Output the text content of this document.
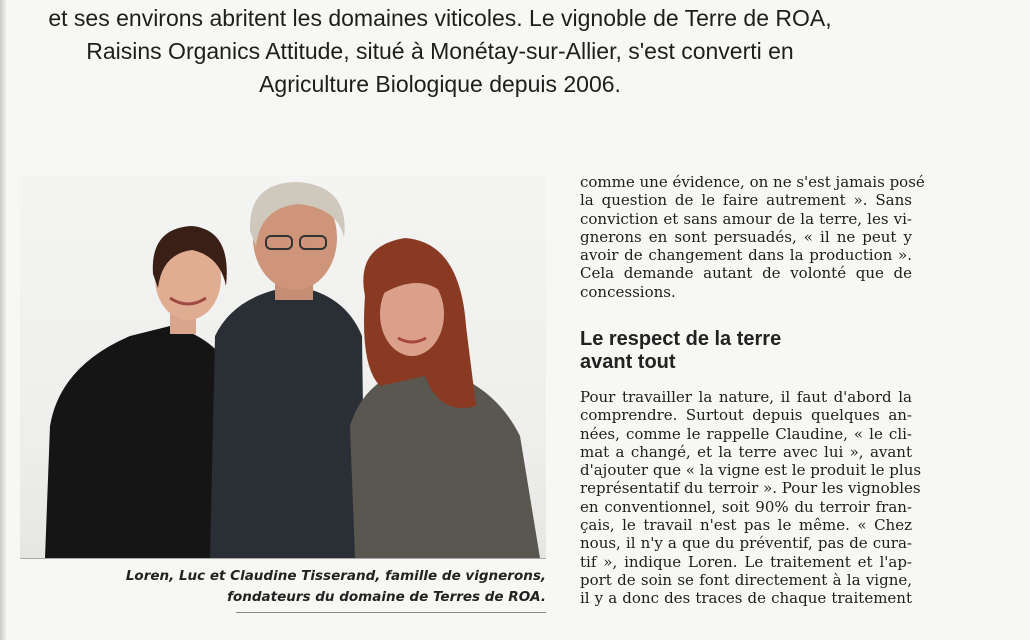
et ses environs abritent les domaines viticoles. Le vignoble de Terre de ROA,
Raisins Organics Attitude, situé à Monétay-sur-Allier, s'est converti en
Agriculture Biologique depuis 2006.
Loren, Luc et Claudine Tisserand, famille de vignerons,
fondateurs du domaine de Terres de ROA.
comme une évidence, on ne s'est jamais posé
la question de le faire autrement ». Sans
conviction et sans amour de la terre, les vi-
gnerons en sont persuadés, « il ne peut y
avoir de changement dans la production ».
Cela demande autant de volonté que de
concessions.
Le respect de la terre
avant tout
Pour travailler la nature, il faut d'abord la
comprendre. Surtout depuis quelques an-
nées, comme le rappelle Claudine, « le cli-
mat a changé, et la terre avec lui », avant
d'ajouter que « la vigne est le produit le plus
représentatif du terroir ». Pour les vignobles
en conventionnel, soit 90% du terroir fran-
çais, le travail n'est pas le même. « Chez
nous, il n'y a que du préventif, pas de cura-
tif », indique Loren. Le traitement et l'ap-
port de soin se font directement à la vigne,
il y a donc des traces de chaque traitement
